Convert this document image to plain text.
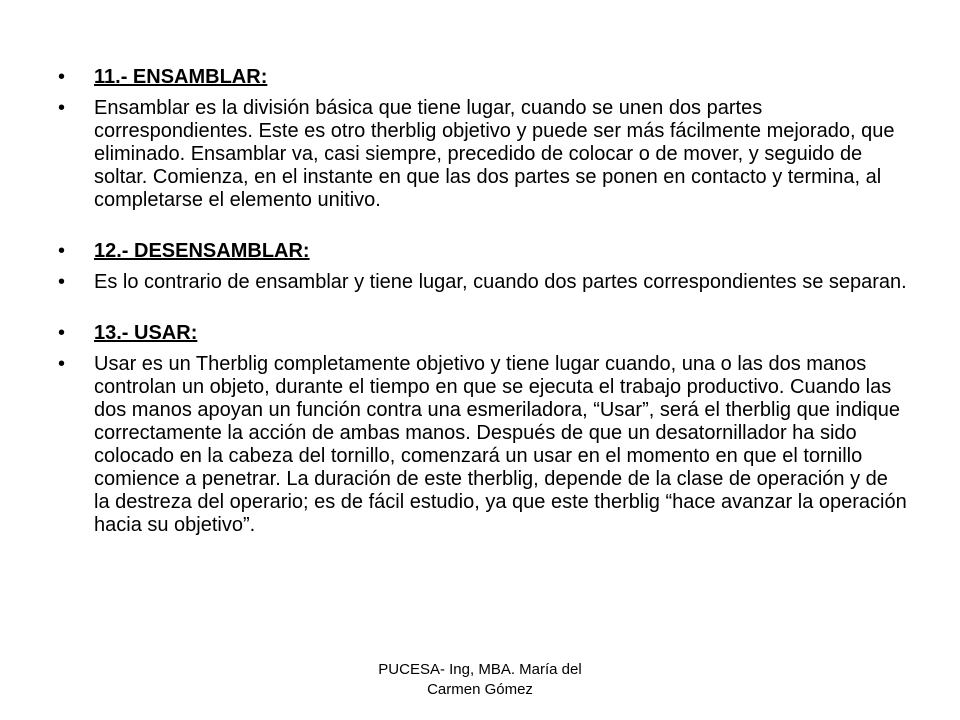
•	11.- ENSAMBLAR:
•	Ensamblar es la división básica que tiene lugar, cuando se unen dos partes correspondientes. Este es otro therblig objetivo y puede ser más fácilmente mejorado, que eliminado. Ensamblar va, casi siempre, precedido de colocar o de mover, y seguido de soltar. Comienza, en el instante en que las dos partes se ponen en contacto y termina, al completarse el elemento unitivo.
•	12.- DESENSAMBLAR:
•	Es lo contrario de ensamblar y tiene lugar, cuando dos partes correspondientes se separan.
•	13.- USAR:
•	Usar es un Therblig completamente objetivo y tiene lugar cuando, una o las dos manos controlan un objeto, durante el tiempo en que se ejecuta el trabajo productivo. Cuando las dos manos apoyan un función contra una esmeriladora, “Usar”, será el therblig que indique correctamente la acción de ambas manos. Después de que un desatornillador ha sido colocado en la cabeza del tornillo, comenzará un usar en el momento en que el tornillo comience a penetrar. La duración de este therblig, depende de la clase de operación y de la destreza del operario; es de fácil estudio, ya que este therblig “hace avanzar la operación hacia su objetivo”.
PUCESA- Ing, MBA. María del
Carmen Gómez
